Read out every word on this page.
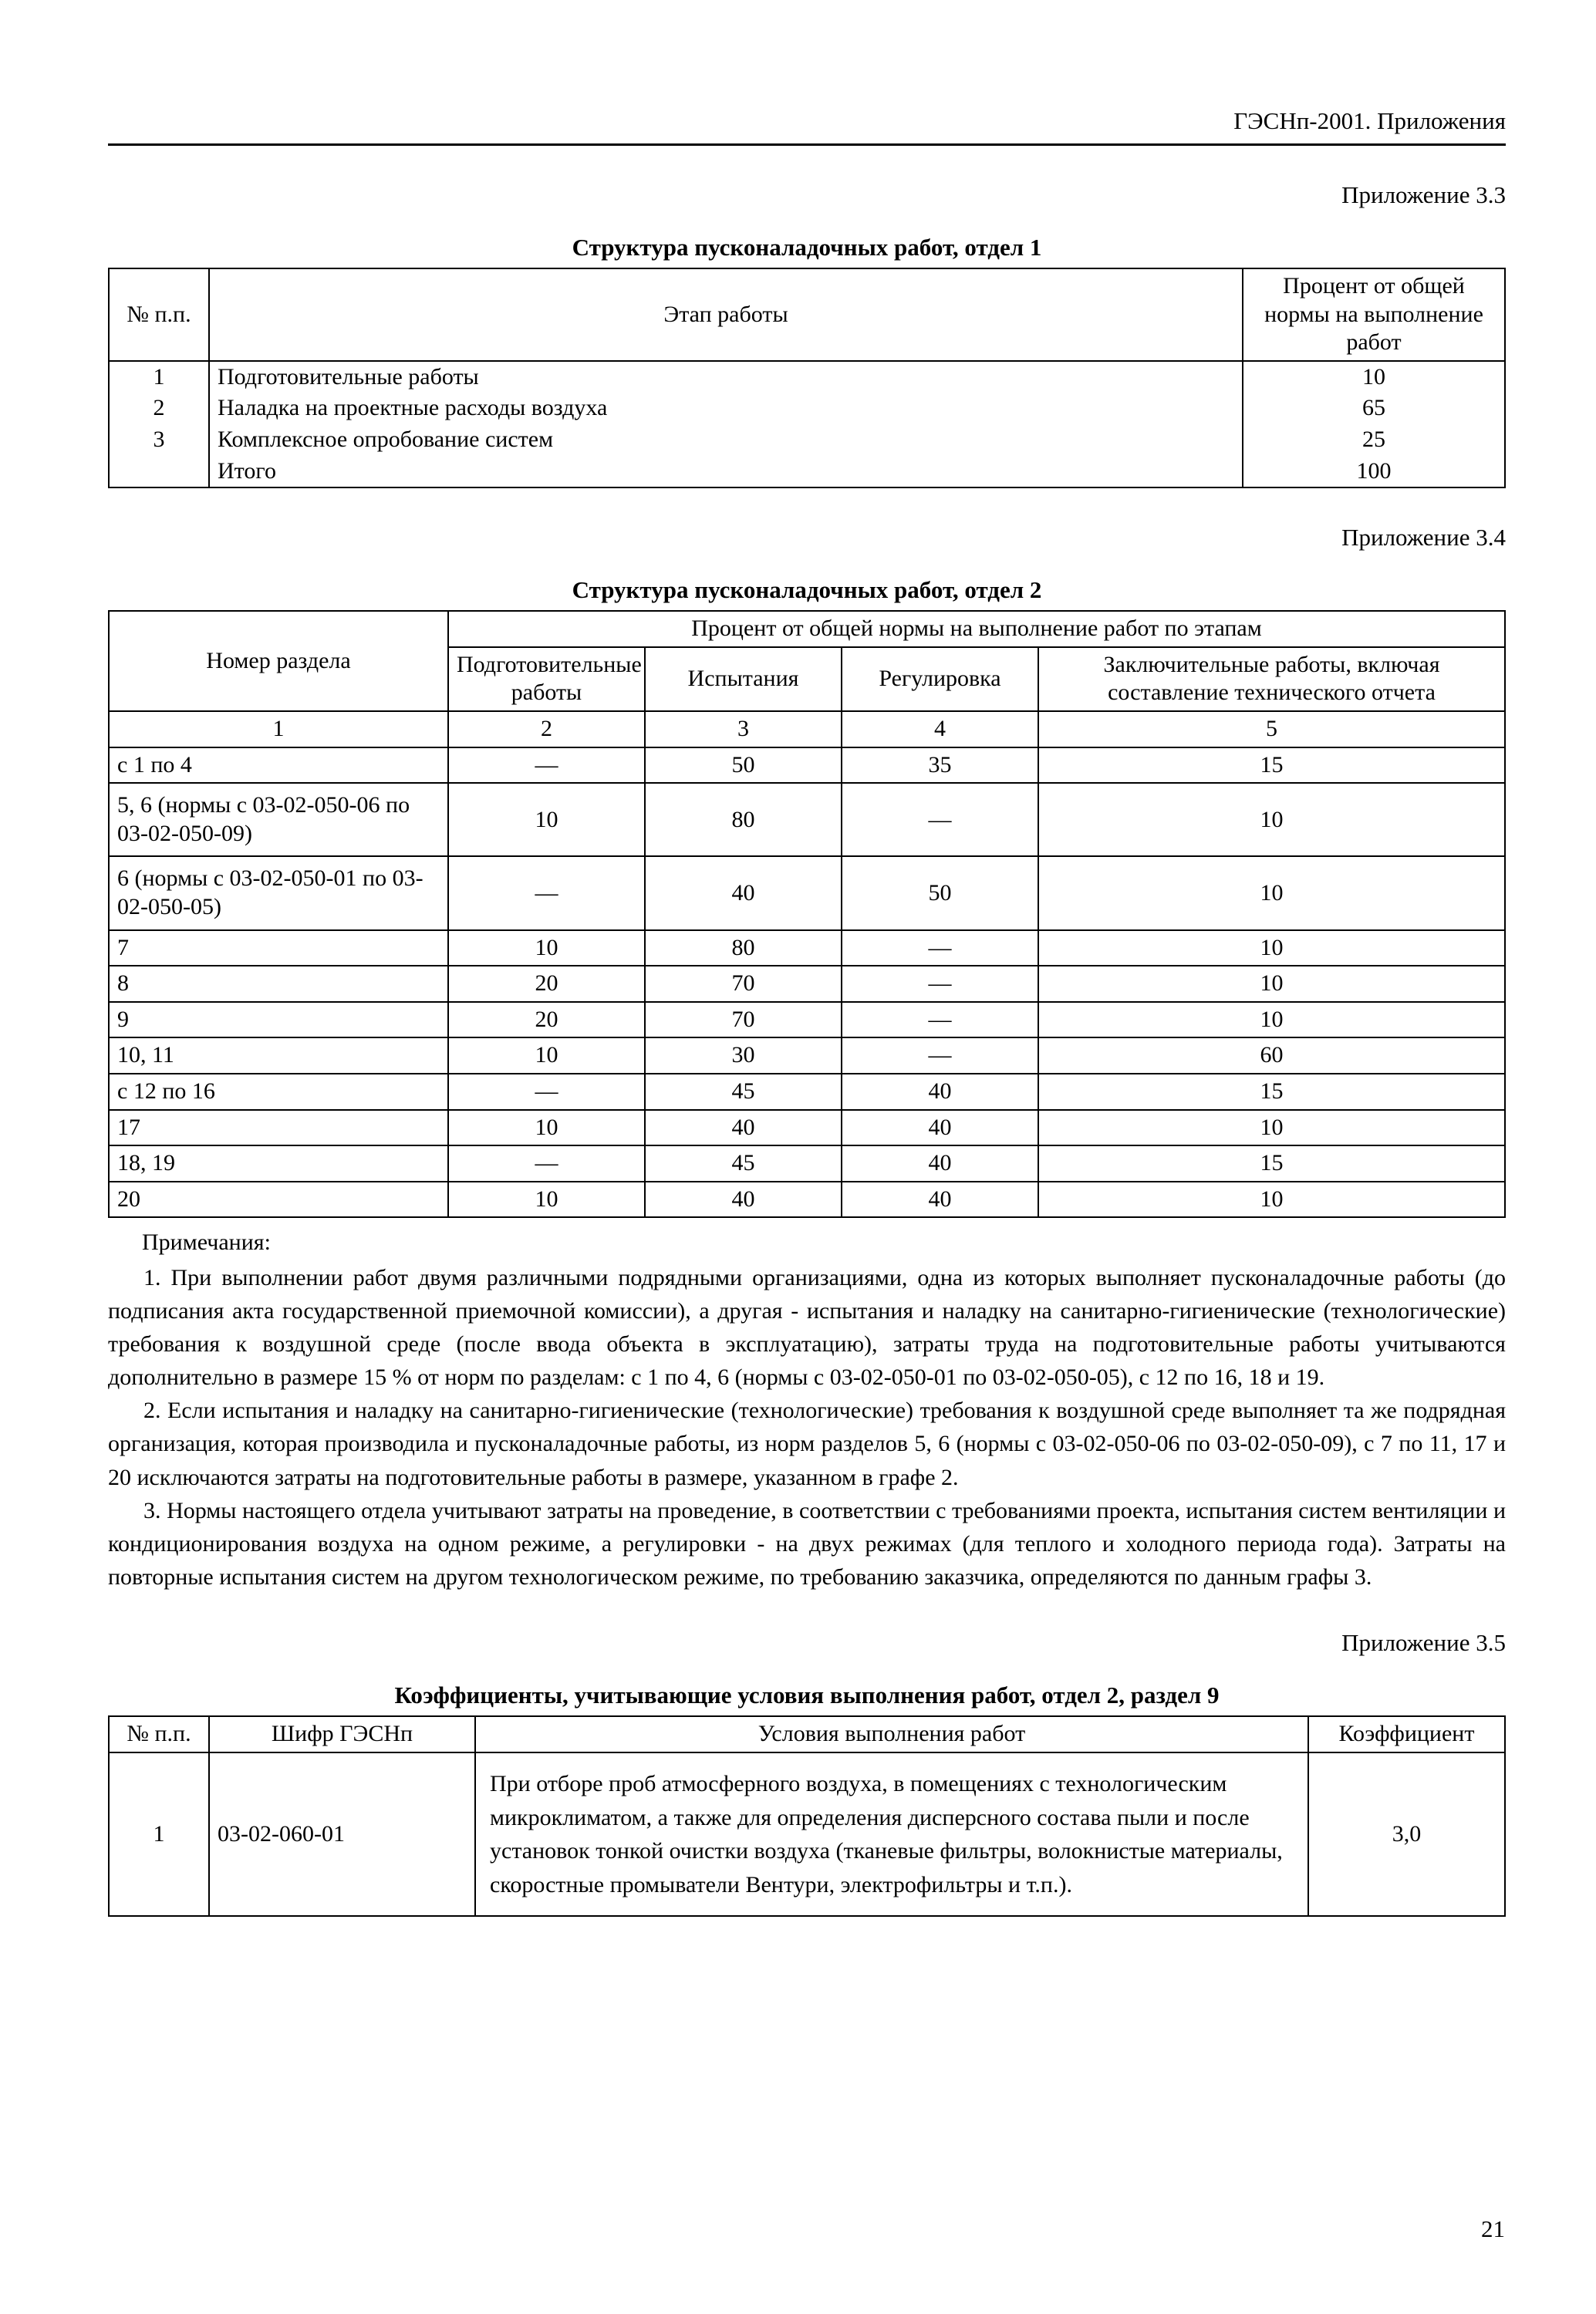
ГЭСНп-2001. Приложения
Приложение 3.3
Структура пусконаладочных работ, отдел 1
№ п.п.	Этап работы	Процент от общей нормы на выполнение работ
1	Подготовительные работы	10
2	Наладка на проектные расходы воздуха	65
3	Комплексное опробование систем	25
	Итого	100
Приложение 3.4
Структура пусконаладочных работ, отдел 2
Номер раздела	Процент от общей нормы на выполнение работ по этапам			
	Подготовительные работы	Испытания	Регулировка	Заключительные работы, включая составление технического отчета
1	2	3	4	5
с 1 по 4	—	50	35	15
5, 6 (нормы с 03-02-050-06 по 03-02-050-09)	10	80	—	10
6 (нормы с 03-02-050-01 по 03-02-050-05)	—	40	50	10
7	10	80	—	10
8	20	70	—	10
9	20	70	—	10
10, 11	10	30	—	60
с 12 по 16	—	45	40	15
17	10	40	40	10
18, 19	—	45	40	15
20	10	40	40	10
Примечания:

1. При выполнении работ двумя различными подрядными организациями, одна из которых выполняет пусконаладочные работы (до подписания акта государственной приемочной комиссии), а другая - испытания и наладку на санитарно-гигиенические (технологические) требования к воздушной среде (после ввода объекта в эксплуатацию), затраты труда на подготовительные работы учитываются дополнительно в размере 15 % от норм по разделам: с 1 по 4, 6 (нормы с 03-02-050-01 по 03-02-050-05), с 12 по 16, 18 и 19.

2. Если испытания и наладку на санитарно-гигиенические (технологические) требования к воздушной среде выполняет та же подрядная организация, которая производила и пусконаладочные работы, из норм разделов 5, 6 (нормы с 03-02-050-06 по 03-02-050-09), с 7 по 11, 17 и 20 исключаются затраты на подготовительные работы в размере, указанном в графе 2.

3. Нормы настоящего отдела учитывают затраты на проведение, в соответствии с требованиями проекта, испытания систем вентиляции и кондиционирования воздуха на одном режиме, а регулировки - на двух режимах (для теплого и холодного периода года). Затраты на повторные испытания систем на другом технологическом режиме, по требованию заказчика, определяются по данным графы 3.

Приложение 3.5
Коэффициенты, учитывающие условия выполнения работ, отдел 2, раздел 9
№ п.п.	Шифр ГЭСНп	Условия выполнения работ	Коэффициент
1	03-02-060-01	При отборе проб атмосферного воздуха, в помещениях с технологическим микроклиматом, а также для определения дисперсного состава пыли и после установок тонкой очистки воздуха (тканевые фильтры, волокнистые материалы, скоростные промыватели Вентури, электрофильтры и т.п.).	3,0
21
